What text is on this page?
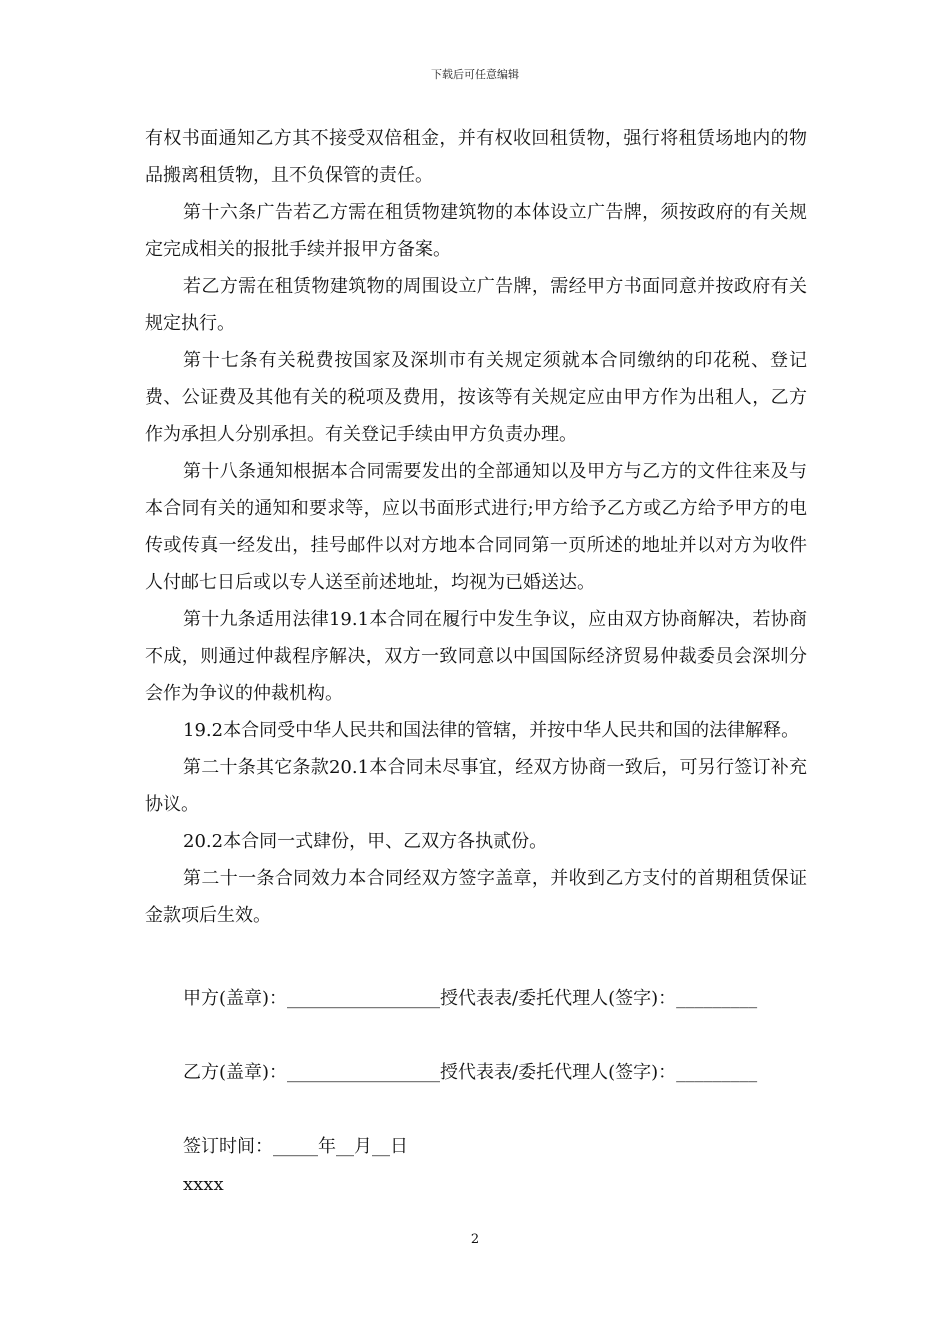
下载后可任意编辑

有权书面通知乙方其不接受双倍租金，并有权收回租赁物，强行将租赁场地内的物品搬离租赁物，且不负保管的责任。

第十六条广告若乙方需在租赁物建筑物的本体设立广告牌，须按政府的有关规定完成相关的报批手续并报甲方备案。

若乙方需在租赁物建筑物的周围设立广告牌，需经甲方书面同意并按政府有关规定执行。

第十七条有关税费按国家及深圳市有关规定须就本合同缴纳的印花税、登记费、公证费及其他有关的税项及费用，按该等有关规定应由甲方作为出租人，乙方作为承担人分别承担。有关登记手续由甲方负责办理。

第十八条通知根据本合同需要发出的全部通知以及甲方与乙方的文件往来及与本合同有关的通知和要求等，应以书面形式进行;甲方给予乙方或乙方给予甲方的电传或传真一经发出，挂号邮件以对方地本合同同第一页所述的地址并以对方为收件人付邮七日后或以专人送至前述地址，均视为已婚送达。

第十九条适用法律19.1本合同在履行中发生争议，应由双方协商解决，若协商不成，则通过仲裁程序解决，双方一致同意以中国国际经济贸易仲裁委员会深圳分会作为争议的仲裁机构。

19.2本合同受中华人民共和国法律的管辖，并按中华人民共和国的法律解释。

第二十条其它条款20.1本合同未尽事宜，经双方协商一致后，可另行签订补充协议。

20.2本合同一式肆份，甲、乙双方各执贰份。

第二十一条合同效力本合同经双方签字盖章，并收到乙方支付的首期租赁保证金款项后生效。

甲方(盖章)：_________________授代表表/委托代理人(签字)：_________
乙方(盖章)：_________________授代表表/委托代理人(签字)：_________
签订时间：_____年__月__日
xxxx
2
